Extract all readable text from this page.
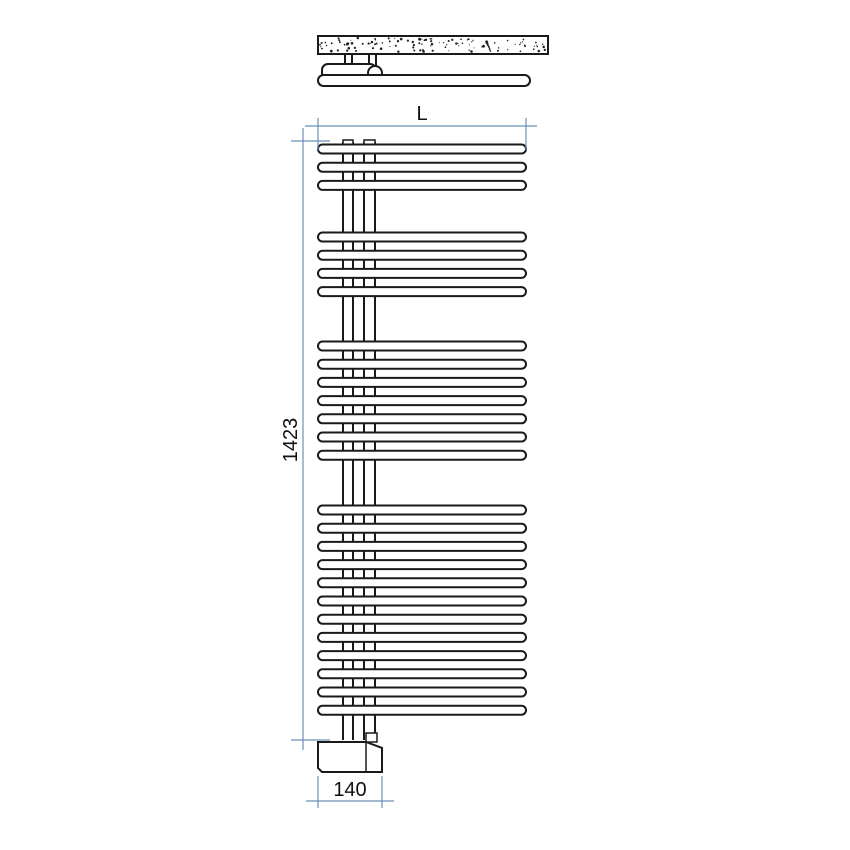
L
1423
140
